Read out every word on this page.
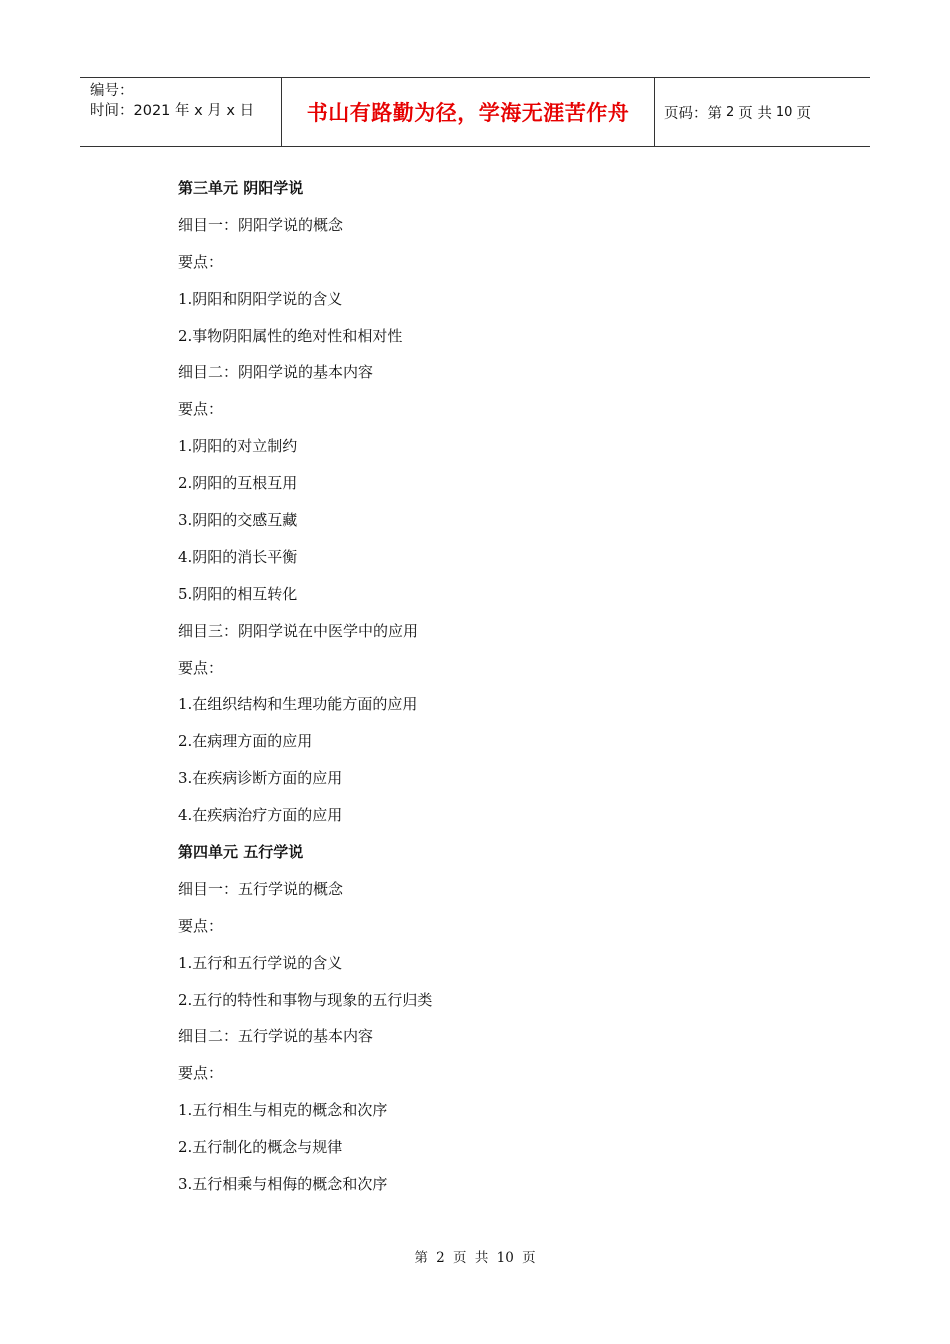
编号：
时间：2021 年 x 月 x 日	书山有路勤为径，学海无涯苦作舟 页码：第 2 页 共 10 页
第三单元 阴阳学说
细目一：阴阳学说的概念
要点：
1.阴阳和阴阳学说的含义
2.事物阴阳属性的绝对性和相对性
细目二：阴阳学说的基本内容
要点：
1.阴阳的对立制约
2.阴阳的互根互用
3.阴阳的交感互藏
4.阴阳的消长平衡
5.阴阳的相互转化
细目三：阴阳学说在中医学中的应用
要点：
1.在组织结构和生理功能方面的应用
2.在病理方面的应用
3.在疾病诊断方面的应用
4.在疾病治疗方面的应用
第四单元 五行学说
细目一：五行学说的概念
要点：
1.五行和五行学说的含义
2.五行的特性和事物与现象的五行归类
细目二：五行学说的基本内容
要点：
1.五行相生与相克的概念和次序
2.五行制化的概念与规律
3.五行相乘与相侮的概念和次序
第 2 页 共 10 页
